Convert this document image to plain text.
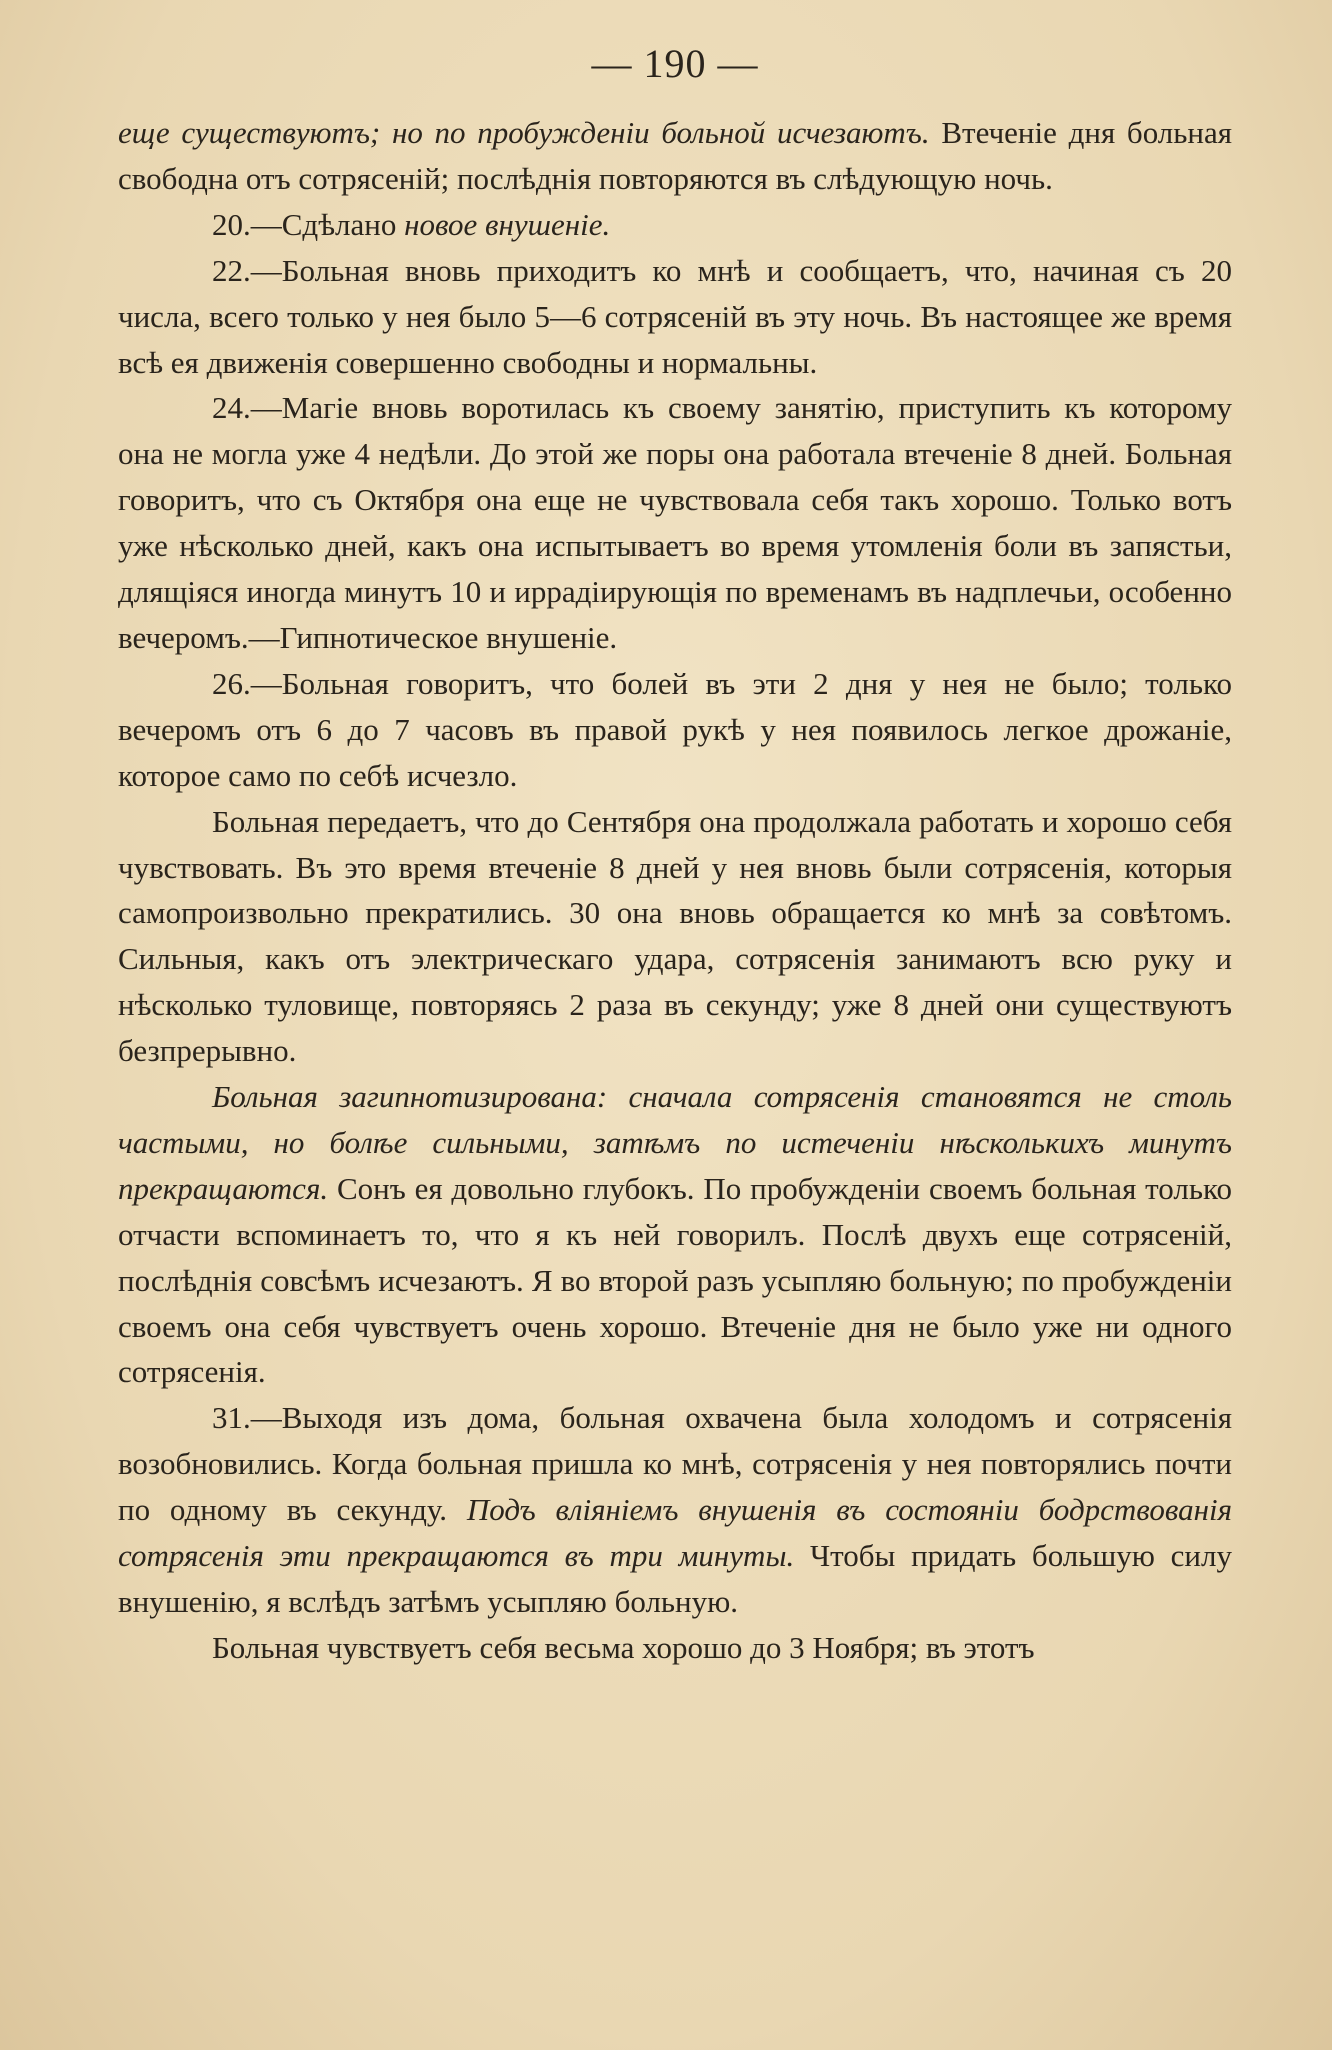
— 190 —

еще существуютъ; но по пробужденіи больной исчезаютъ. Втеченіе дня больная свободна отъ сотрясеній; послѣднія повторяются въ слѣдующую ночь.

20.—Сдѣлано новое внушеніе.

22.—Больная вновь приходитъ ко мнѣ и сообщаетъ, что, начиная съ 20 числа, всего только у нея было 5—6 сотрясеній въ эту ночь. Въ настоящее же время всѣ ея движенія совершенно свободны и нормальны.

24.—Магіе вновь воротилась къ своему занятію, приступить къ которому она не могла уже 4 недѣли. До этой же поры она работала втеченіе 8 дней. Больная говоритъ, что съ Октября она еще не чувствовала себя такъ хорошо. Только вотъ уже нѣсколько дней, какъ она испытываетъ во время утомленія боли въ запястьи, длящіяся иногда минутъ 10 и иррадіирующія по временамъ въ надплечьи, особенно вечеромъ.—Гипнотическое внушеніе.

26.—Больная говоритъ, что болей въ эти 2 дня у нея не было; только вечеромъ отъ 6 до 7 часовъ въ правой рукѣ у нея появилось легкое дрожаніе, которое само по себѣ исчезло.

Больная передаетъ, что до Сентября она продолжала работать и хорошо себя чувствовать. Въ это время втеченіе 8 дней у нея вновь были сотрясенія, которыя самопроизвольно прекратились. 30 она вновь обращается ко мнѣ за совѣтомъ. Сильныя, какъ отъ электрическаго удара, сотрясенія занимаютъ всю руку и нѣсколько туловище, повторяясь 2 раза въ секунду; уже 8 дней они существуютъ безпрерывно.

Больная загипнотизирована: сначала сотрясенія становятся не столь частыми, но болѣе сильными, затѣмъ по истеченіи нѣсколькихъ минутъ прекращаются. Сонъ ея довольно глубокъ. По пробужденіи своемъ больная только отчасти вспоминаетъ то, что я къ ней говорилъ. Послѣ двухъ еще сотрясеній, послѣднія совсѣмъ исчезаютъ. Я во второй разъ усыпляю больную; по пробужденіи своемъ она себя чувствуетъ очень хорошо. Втеченіе дня не было уже ни одного сотрясенія.

31.—Выходя изъ дома, больная охвачена была холодомъ и сотрясенія возобновились. Когда больная пришла ко мнѣ, сотрясенія у нея повторялись почти по одному въ секунду. Подъ вліяніемъ внушенія въ состояніи бодрствованія сотрясенія эти прекращаются въ три минуты. Чтобы придать большую силу внушенію, я вслѣдъ затѣмъ усыпляю больную.

Больная чувствуетъ себя весьма хорошо до 3 Ноября; въ этотъ
